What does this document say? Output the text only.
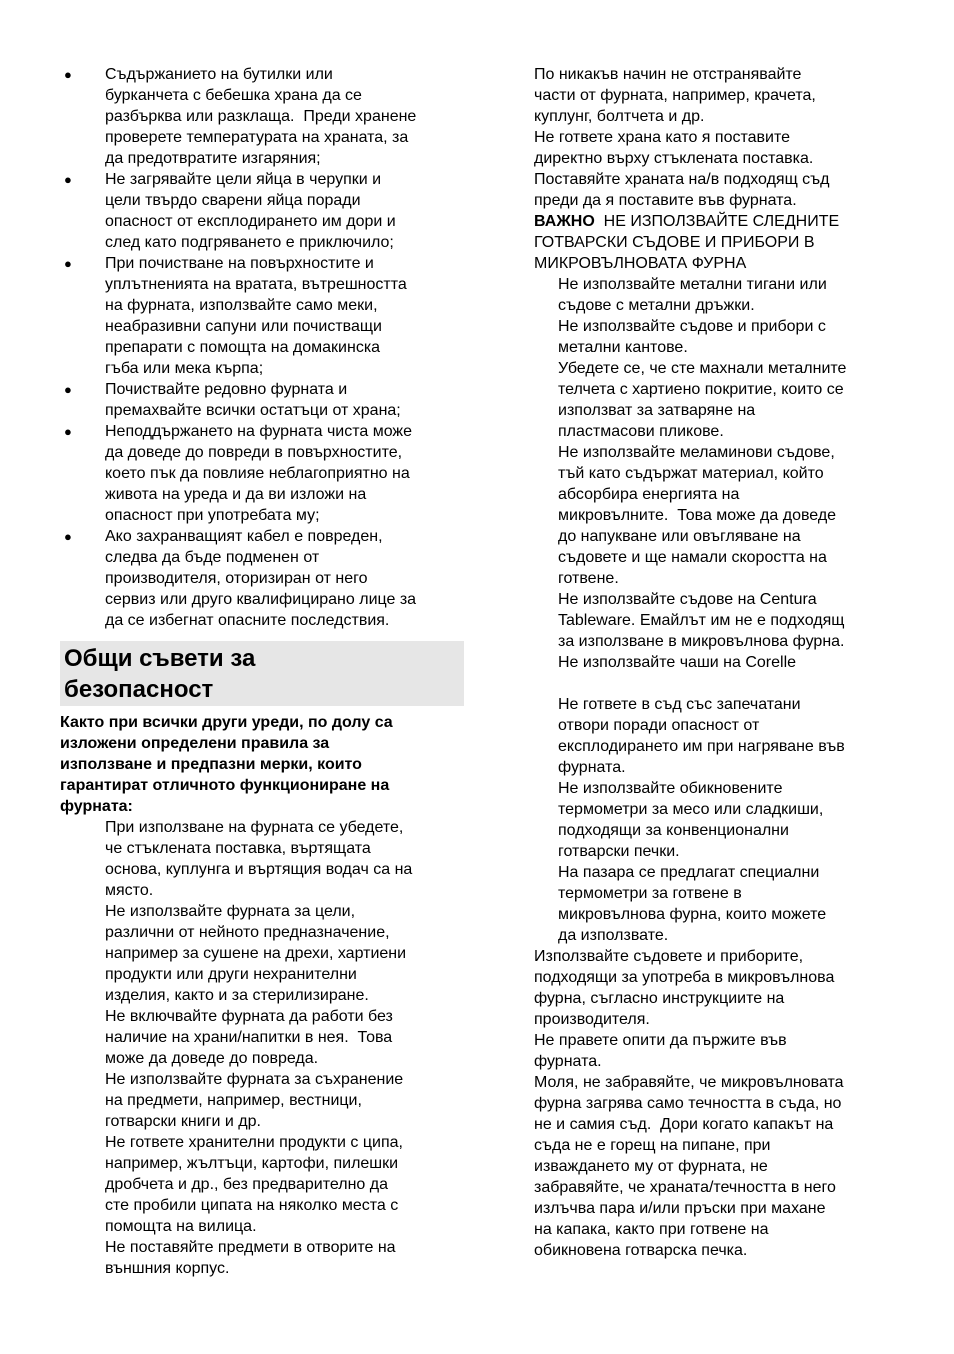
● Съдържанието на бутилки или
бурканчета с бебешка храна да се
разбърква или разклаща.  Преди хранене
проверете температурата на храната, за
да предотвратите изгаряния;
● Не загрявайте цели яйца в черупки и
цели твърдо сварени яйца поради
опасност от експлодирането им дори и
след като подгряването е приключило;
● При почистване на повърхностите и
уплътненията на вратата, вътрешността
на фурната, използвайте само меки,
неабразивни сапуни или почистващи
препарати с помощта на домакинска
гъба или мека кърпа;
● Почиствайте редовно фурната и
премахвайте всички остатъци от храна;
● Неподдържането на фурната чиста може
да доведе до повреди в повърхностите,
което пък да повлияе неблагоприятно на
живота на уреда и да ви изложи на
опасност при употребата му;
● Ако захранващият кабел е повреден,
следва да бъде подменен от
производителя, оторизиран от него
сервиз или друго квалифицирано лице за
да се избегнат опасните последствия.
Общи съвети за
безопасност
Както при всички други уреди, по долу са
изложени определени правила за
използване и предпазни мерки, които
гарантират отличното функциониране на
фурната:
При използване на фурната се убедете,
че стъклената поставка, въртящата
основа, куплунга и въртящия водач са на
място.
Не използвайте фурната за цели,
различни от нейното предназначение,
например за сушене на дрехи, хартиени
продукти или други нехранителни
изделия, както и за стерилизиране.
Не включвайте фурната да работи без
наличие на храни/напитки в нея.  Това
може да доведе до повреда.
Не използвайте фурната за съхранение
на предмети, например, вестници,
готварски книги и др.
Не гответе хранителни продукти с ципа,
например, жълтъци, картофи, пилешки
дробчета и др., без предварително да
сте пробили ципата на няколко места с
помощта на вилица.
Не поставяйте предмети в отворите на
външния корпус.
По никакъв начин не отстранявайте
части от фурната, например, крачета,
куплунг, болтчета и др.
Не гответе храна като я поставите
директно върху стъклената поставка.
Поставяйте храната на/в подходящ съд
преди да я поставите във фурната.
ВАЖНО  НЕ ИЗПОЛЗВАЙТЕ СЛЕДНИТЕ
ГОТВАРСКИ СЪДОВЕ И ПРИБОРИ В
МИКРОВЪЛНОВАТА ФУРНА
Не използвайте метални тигани или
съдове с метални дръжки.
Не използвайте съдове и прибори с
метални кантове.
Убедете се, че сте махнали металните
телчета с хартиено покритие, които се
използват за затваряне на
пластмасови пликове.
Не използвайте меламинови съдове,
тъй като съдържат материал, който
абсорбира енергията на
микровълните.  Това може да доведе
до напукване или овъгляване на
съдовете и ще намали скоростта на
готвене.
Не използвайте съдове на Centura
Tableware. Емайлът им не е подходящ
за използване в микровълнова фурна.
Не използвайте чаши на Corelle
Не гответе в съд със запечатани
отвори поради опасност от
експлодирането им при нагряване във
фурната.
Не използвайте обикновените
термометри за месо или сладкиши,
подходящи за конвенционални
готварски печки.
На пазара се предлагат специални
термометри за готвене в
микровълнова фурна, които можете
да използвате.
Използвайте съдовете и приборите,
подходящи за употреба в микровълнова
фурна, съгласно инструкциите на
производителя.
Не правете опити да пържите във
фурната.
Моля, не забравяйте, че микровълновата
фурна загрява само течността в съда, но
не и самия съд.  Дори когато капакът на
съда не е горещ на пипане, при
изваждането му от фурната, не
забравяйте, че храната/течността в него
излъчва пара и/или пръски при махане
на капака, както при готвене на
обикновена готварска печка.
